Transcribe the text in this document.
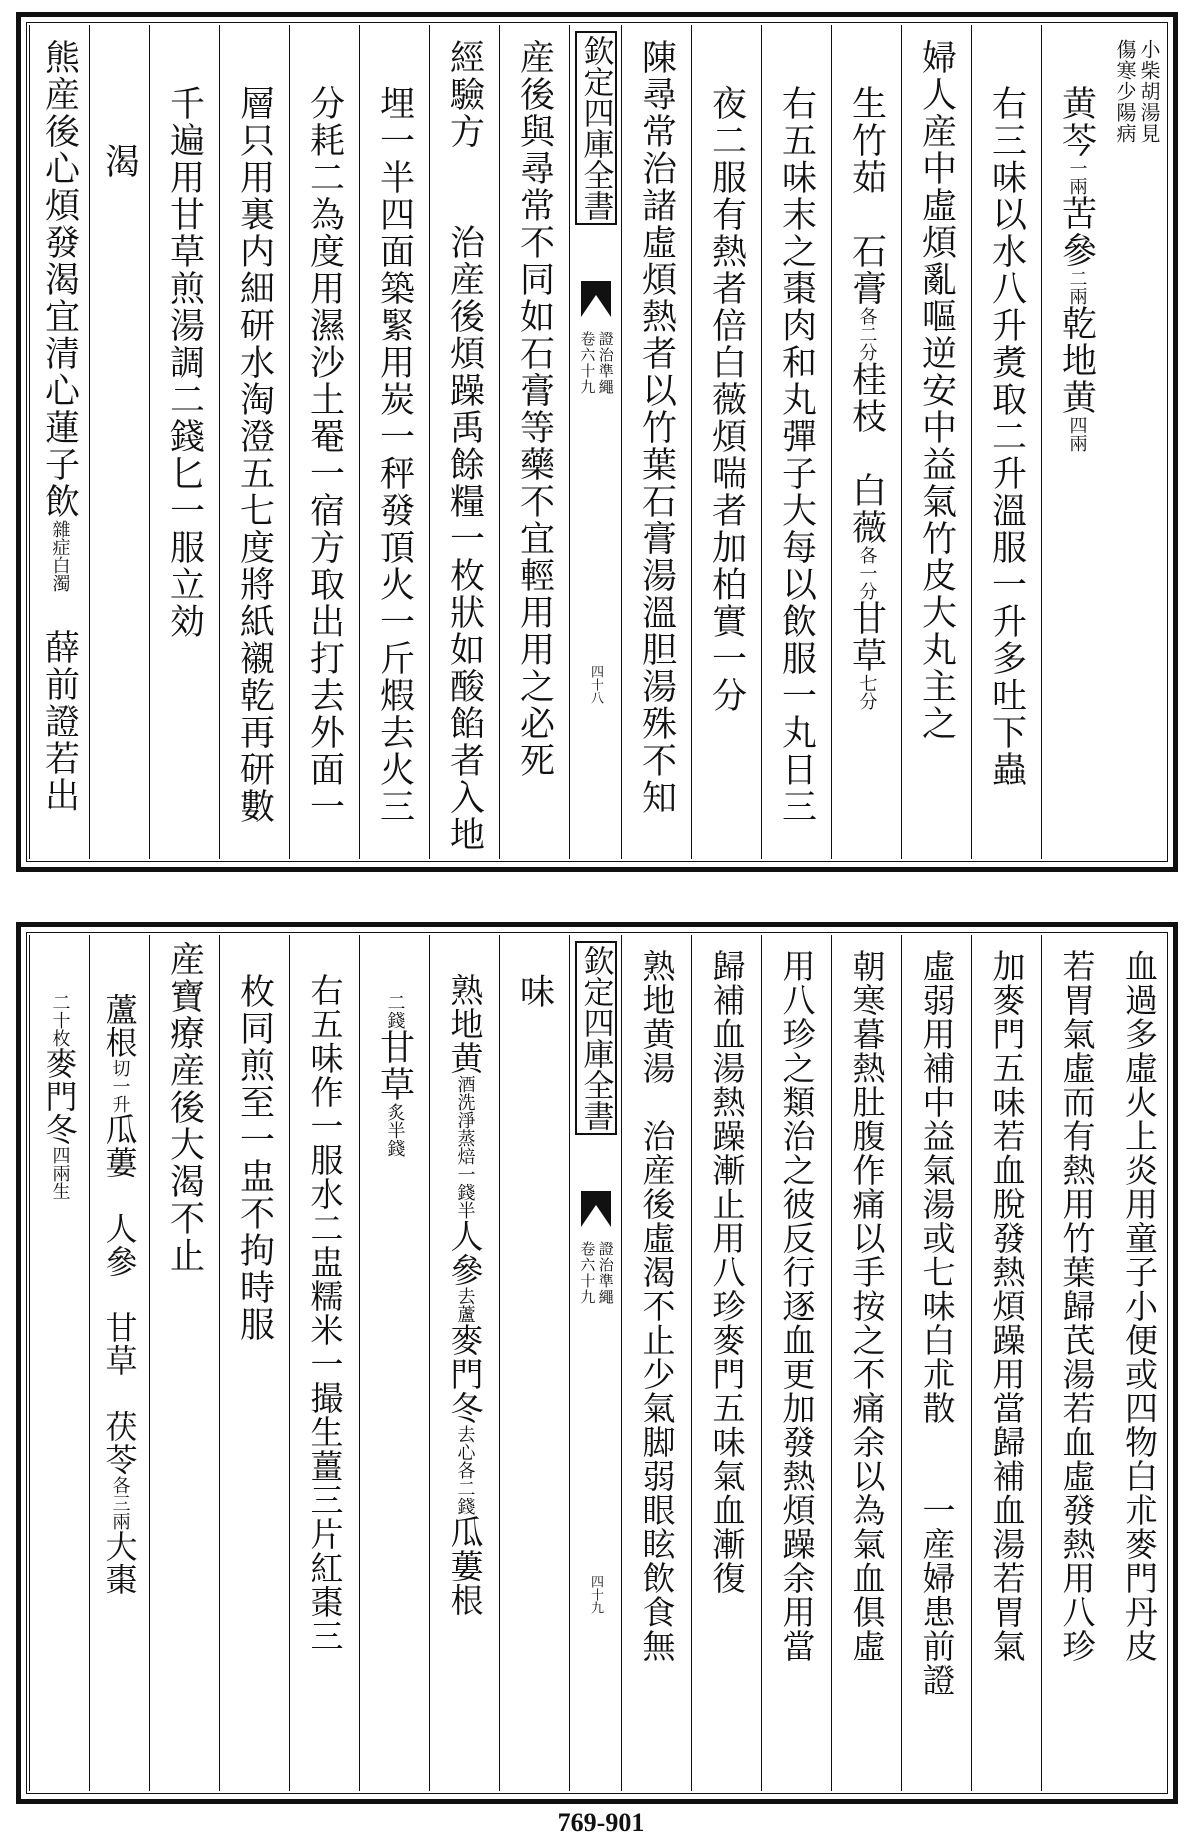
小柴胡湯見
傷寒少陽病
黄芩一兩苦參二兩乾地黄四兩
右三味以水八升煑取二升溫服一升多吐下蟲
婦人産中虛煩亂嘔逆安中益氣竹皮大丸主之
生竹茹　石膏各二分桂枝　白薇各一分甘草七分
右五味末之棗肉和丸彈子大每以飲服一丸日三
夜二服有熱者倍白薇煩喘者加柏實一分
陳尋常治諸虛煩熱者以竹葉石膏湯溫胆湯殊不知
欽定四庫全書
證治準繩
卷六十九
四十八
産後與尋常不同如石膏等藥不宜輕用用之必死
經驗方　　治産後煩躁禹餘糧一枚狀如酸餡者入地
埋一半四面築緊用炭一秤發頂火一斤煆去火三
分耗二為度用濕沙土罨一宿方取出打去外面一
層只用裏内細研水淘澄五七度將紙襯乾再研數
千遍用甘草煎湯調二錢匕一服立効
渴
熊産後心煩發渴宜清心蓮子飲雜症白濁　薛前證若出
血過多虛火上炎用童子小便或四物白朮麥門丹皮
若胃氣虛而有熱用竹葉歸芪湯若血虛發熱用八珍
加麥門五味若血脫發熱煩躁用當歸補血湯若胃氣
虛弱用補中益氣湯或七味白朮散　　一産婦患前證
朝寒暮熱肚腹作痛以手按之不痛余以為氣血俱虛
用八珍之類治之彼反行逐血更加發熱煩躁余用當
歸補血湯熱躁漸止用八珍麥門五味氣血漸復
熟地黄湯　治産後虛渴不止少氣脚弱眼眩飲食無
欽定四庫全書
證治準繩
卷六十九
四十九
味
熟地黄酒洗淨蒸焙一錢半人參去蘆麥門冬去心各二錢瓜蔞根
二錢甘草炙半錢
右五味作一服水二盅糯米一撮生薑三片紅棗三
枚同煎至一盅不拘時服
産寶療産後大渴不止
蘆根切一升瓜蔞　人參　甘草　茯苓各三兩大棗
二十枚麥門冬四兩生
769-901
